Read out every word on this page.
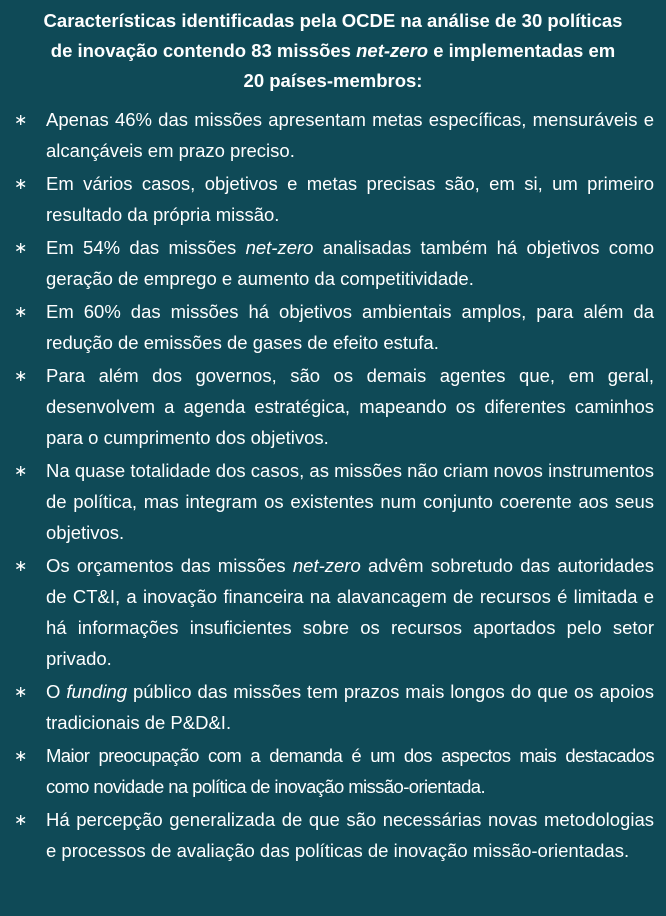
Características identificadas pela OCDE na análise de 30 políticas de inovação contendo 83 missões net-zero e implementadas em 20 países-membros:
∗ Apenas 46% das missões apresentam metas específicas, mensuráveis e alcançáveis em prazo preciso.
∗ Em vários casos, objetivos e metas precisas são, em si, um primeiro resultado da própria missão.
∗ Em 54% das missões net-zero analisadas também há objetivos como geração de emprego e aumento da competitividade.
∗ Em 60% das missões há objetivos ambientais amplos, para além da redução de emissões de gases de efeito estufa.
∗ Para além dos governos, são os demais agentes que, em geral, desenvolvem a agenda estratégica, mapeando os diferentes caminhos para o cumprimento dos objetivos.
∗ Na quase totalidade dos casos, as missões não criam novos instrumentos de política, mas integram os existentes num conjunto coerente aos seus objetivos.
∗ Os orçamentos das missões net-zero advêm sobretudo das autoridades de CT&I, a inovação financeira na alavancagem de recursos é limitada e há informações insuficientes sobre os recursos aportados pelo setor privado.
∗ O funding público das missões tem prazos mais longos do que os apoios tradicionais de P&D&I.
∗ Maior preocupação com a demanda é um dos aspectos mais destacados como novidade na política de inovação missão-orientada.
∗ Há percepção generalizada de que são necessárias novas metodologias e processos de avaliação das políticas de inovação missão-orientadas.
